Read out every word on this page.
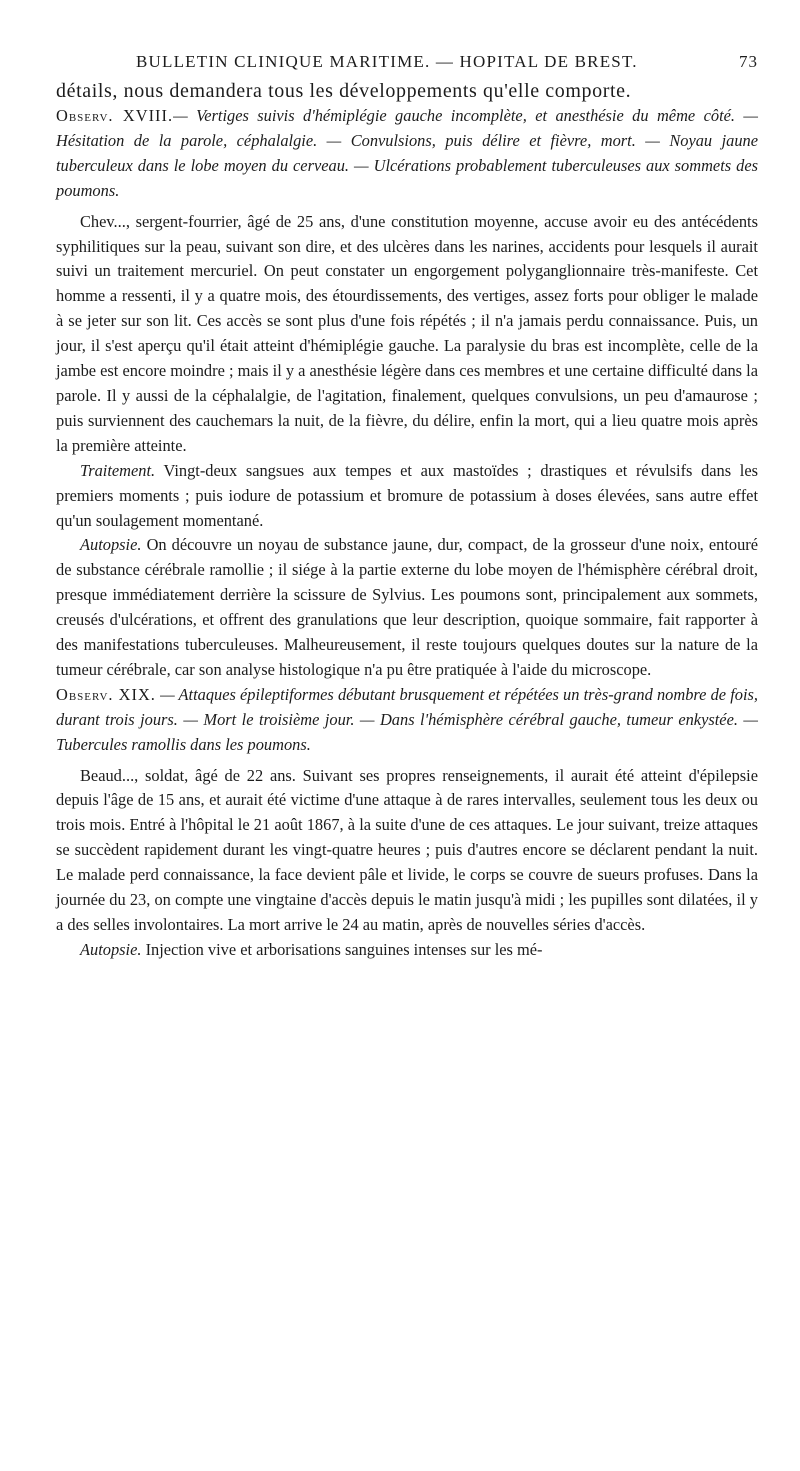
BULLETIN CLINIQUE MARITIME. — HOPITAL DE BREST.	73

détails, nous demandera tous les développements qu'elle comporte.

Observ. XVIII.— Vertiges suivis d'hémiplégie gauche incomplète, et anesthésie du même côté. — Hésitation de la parole, céphalalgie. — Convulsions, puis délire et fièvre, mort. — Noyau jaune tuberculeux dans le lobe moyen du cerveau. — Ulcérations probablement tuberculeuses aux sommets des poumons.

Chev..., sergent-fourrier, âgé de 25 ans, d'une constitution moyenne, accuse avoir eu des antécédents syphilitiques sur la peau, suivant son dire, et des ulcères dans les narines, accidents pour lesquels il aurait suivi un traitement mercuriel. On peut constater un engorgement polyganglionnaire très-manifeste. Cet homme a ressenti, il y a quatre mois, des étourdissements, des vertiges, assez forts pour obliger le malade à se jeter sur son lit. Ces accès se sont plus d'une fois répétés ; il n'a jamais perdu connaissance. Puis, un jour, il s'est aperçu qu'il était atteint d'hémiplégie gauche. La paralysie du bras est incomplète, celle de la jambe est encore moindre ; mais il y a anesthésie légère dans ces membres et une certaine difficulté dans la parole. Il y aussi de la céphalalgie, de l'agitation, finalement, quelques convulsions, un peu d'amaurose ; puis surviennent des cauchemars la nuit, de la fièvre, du délire, enfin la mort, qui a lieu quatre mois après la première atteinte.

Traitement. Vingt-deux sangsues aux tempes et aux mastoïdes ; drastiques et révulsifs dans les premiers moments ; puis iodure de potassium et bromure de potassium à doses élevées, sans autre effet qu'un soulagement momentané.

Autopsie. On découvre un noyau de substance jaune, dur, compact, de la grosseur d'une noix, entouré de substance cérébrale ramollie ; il siége à la partie externe du lobe moyen de l'hémisphère cérébral droit, presque immédiatement derrière la scissure de Sylvius. Les poumons sont, principalement aux sommets, creusés d'ulcérations, et offrent des granulations que leur description, quoique sommaire, fait rapporter à des manifestations tuberculeuses. Malheureusement, il reste toujours quelques doutes sur la nature de la tumeur cérébrale, car son analyse histologique n'a pu être pratiquée à l'aide du microscope.

Observ. XIX. — Attaques épileptiformes débutant brusquement et répétées un très-grand nombre de fois, durant trois jours. — Mort le troisième jour. — Dans l'hémisphère cérébral gauche, tumeur enkystée. — Tubercules ramollis dans les poumons.

Beaud..., soldat, âgé de 22 ans. Suivant ses propres renseignements, il aurait été atteint d'épilepsie depuis l'âge de 15 ans, et aurait été victime d'une attaque à de rares intervalles, seulement tous les deux ou trois mois. Entré à l'hôpital le 21 août 1867, à la suite d'une de ces attaques. Le jour suivant, treize attaques se succèdent rapidement durant les vingt-quatre heures ; puis d'autres encore se déclarent pendant la nuit. Le malade perd connaissance, la face devient pâle et livide, le corps se couvre de sueurs profuses. Dans la journée du 23, on compte une vingtaine d'accès depuis le matin jusqu'à midi ; les pupilles sont dilatées, il y a des selles involontaires. La mort arrive le 24 au matin, après de nouvelles séries d'accès.

Autopsie. Injection vive et arborisations sanguines intenses sur les mé-
